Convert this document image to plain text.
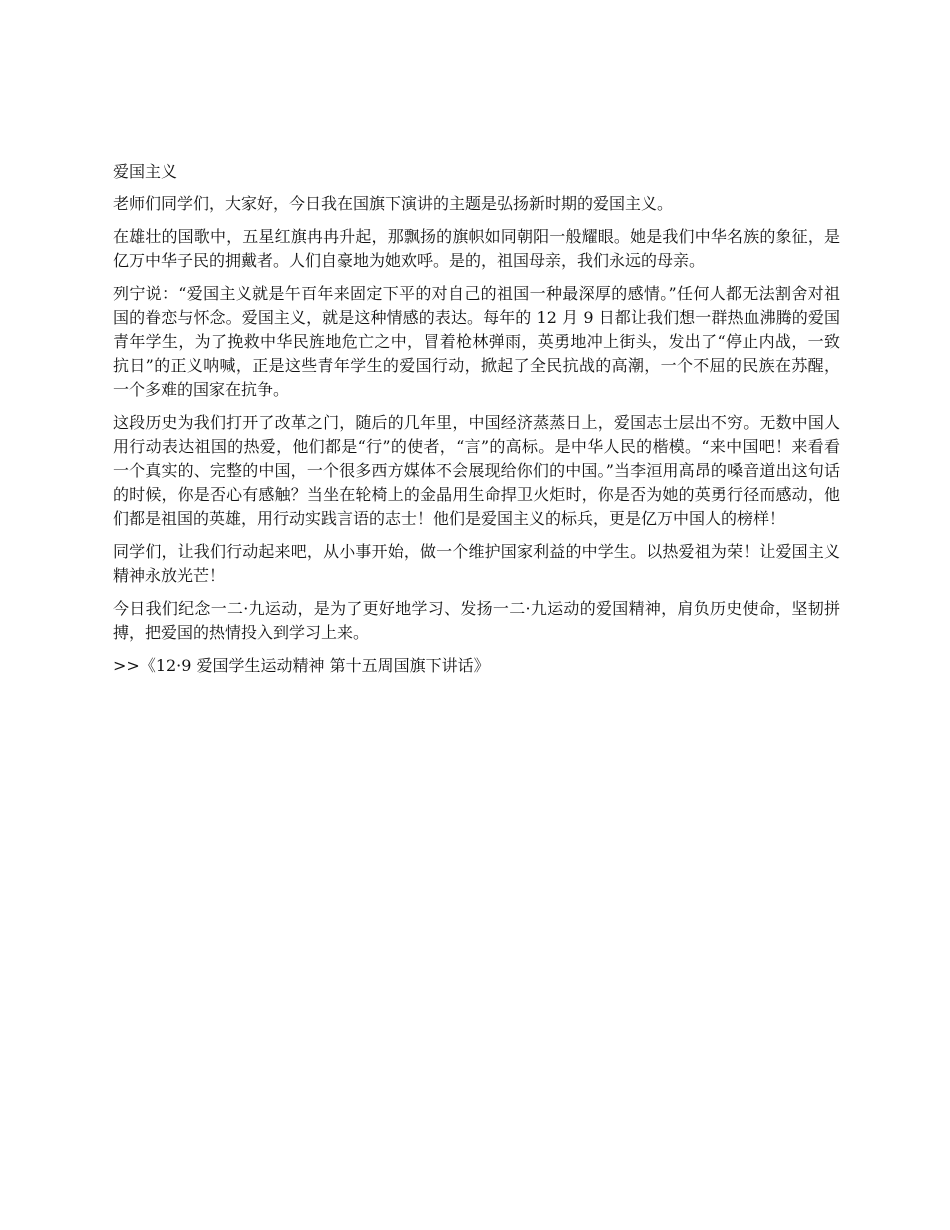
爱国主义

老师们同学们，大家好，今日我在国旗下演讲的主题是弘扬新时期的爱国主义。

在雄壮的国歌中，五星红旗冉冉升起，那飘扬的旗帜如同朝阳一般耀眼。她是我们中华名族的象征，是亿万中华子民的拥戴者。人们自豪地为她欢呼。是的，祖国母亲，我们永远的母亲。

列宁说：“爱国主义就是午百年来固定下平的对自己的祖国一种最深厚的感情。”任何人都无法割舍对祖国的眷恋与怀念。爱国主义，就是这种情感的表达。每年的 12 月 9 日都让我们想一群热血沸腾的爱国青年学生，为了挽救中华民旌地危亡之中，冒着枪林弹雨，英勇地冲上街头，发出了“停止内战，一致抗日”的正义呐喊，正是这些青年学生的爱国行动，掀起了全民抗战的高潮，一个不屈的民族在苏醒，一个多难的国家在抗争。

这段历史为我们打开了改革之门，随后的几年里，中国经济蒸蒸日上，爱国志士层出不穷。无数中国人用行动表达祖国的热爱，他们都是“行”的使者，“言”的高标。是中华人民的楷模。“来中国吧！来看看一个真实的、完整的中国，一个很多西方媒体不会展现给你们的中国。”当李洹用高昂的嗓音道出这句话的时候，你是否心有感触？当坐在轮椅上的金晶用生命捍卫火炬时，你是否为她的英勇行径而感动，他们都是祖国的英雄，用行动实践言语的志士！他们是爱国主义的标兵，更是亿万中国人的榜样！

同学们，让我们行动起来吧，从小事开始，做一个维护国家利益的中学生。以热爱祖为荣！让爱国主义精神永放光芒！

今日我们纪念一二·九运动，是为了更好地学习、发扬一二·九运动的爱国精神，肩负历史使命，坚韧拼搏，把爱国的热情投入到学习上来。

>>《12·9 爱国学生运动精神 第十五周国旗下讲话》
